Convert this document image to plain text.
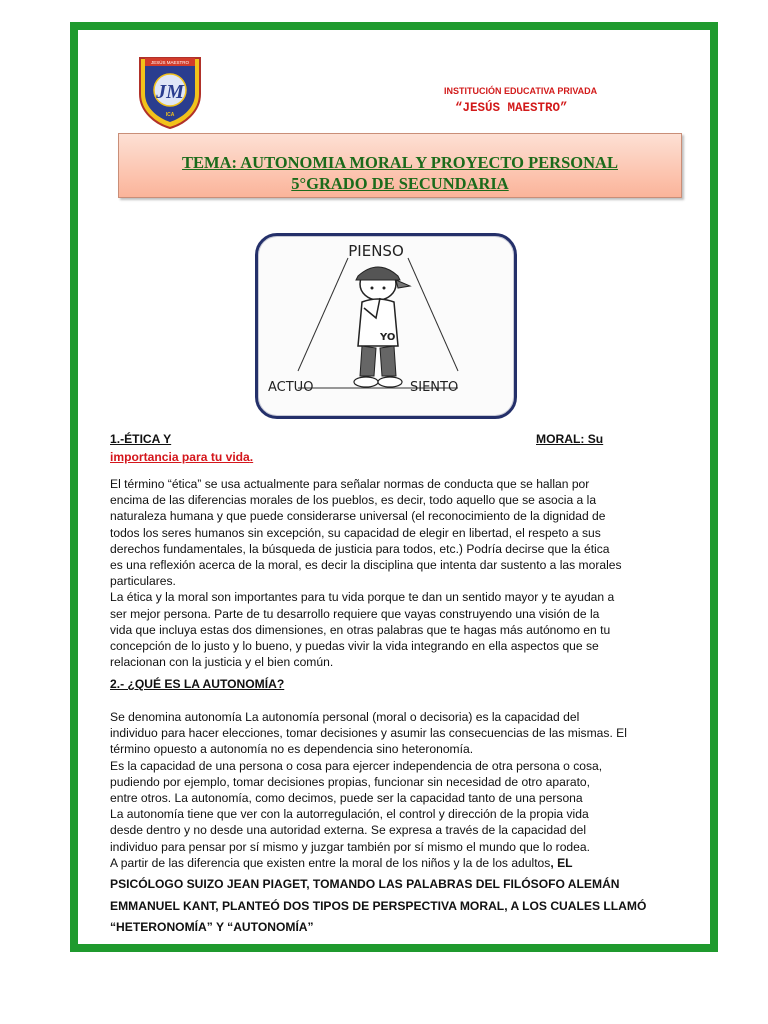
JESÚS MAESTRO
JM
ICA
INSTITUCIÓN EDUCATIVA PRIVADA
“JESÚS MAESTRO”
TEMA: AUTONOMIA MORAL Y PROYECTO PERSONAL
5°GRADO DE SECUNDARIA
PIENSO
YO
ACTUO	SIENTO
1.-ÉTICA Y	MORAL: Su
importancia para tu vida.
El término “ética” se usa actualmente para señalar normas de conducta que se hallan por
encima de las diferencias morales de los pueblos, es decir, todo aquello que se asocia a la
naturaleza humana y que puede considerarse universal (el reconocimiento de la dignidad de
todos los seres humanos sin excepción, su capacidad de elegir en libertad, el respeto a sus
derechos fundamentales, la búsqueda de justicia para todos, etc.) Podría decirse que la ética
es una reflexión acerca de la moral, es decir la disciplina que intenta dar sustento a las morales
particulares.
La ética y la moral son importantes para tu vida porque te dan un sentido mayor y te ayudan a
ser mejor persona. Parte de tu desarrollo requiere que vayas construyendo una visión de la
vida que incluya estas dos dimensiones, en otras palabras que te hagas más autónomo en tu
concepción de lo justo y lo bueno, y puedas vivir la vida integrando en ella aspectos que se
relacionan con la justicia y el bien común.
2.- ¿QUÉ ES LA AUTONOMÍA?
Se denomina autonomía La autonomía personal (moral o decisoria) es la capacidad del
individuo para hacer elecciones, tomar decisiones y asumir las consecuencias de las mismas. El
término opuesto a autonomía no es dependencia sino heteronomía.
Es la capacidad de una persona o cosa para ejercer independencia de otra persona o cosa,
pudiendo por ejemplo, tomar decisiones propias, funcionar sin necesidad de otro aparato,
entre otros. La autonomía, como decimos, puede ser la capacidad tanto de una persona
La autonomía tiene que ver con la autorregulación, el control y dirección de la propia vida
desde dentro y no desde una autoridad externa. Se expresa a través de la capacidad del
individuo para pensar por sí mismo y juzgar también por sí mismo el mundo que lo rodea.
A partir de las diferencia que existen entre la moral de los niños y la de los adultos, EL
PSICÓLOGO SUIZO JEAN PIAGET, TOMANDO LAS PALABRAS DEL FILÓSOFO ALEMÁN
EMMANUEL KANT, PLANTEÓ DOS TIPOS DE PERSPECTIVA MORAL, A LOS CUALES LLAMÓ
“HETERONOMÍA” Y “AUTONOMÍA”
